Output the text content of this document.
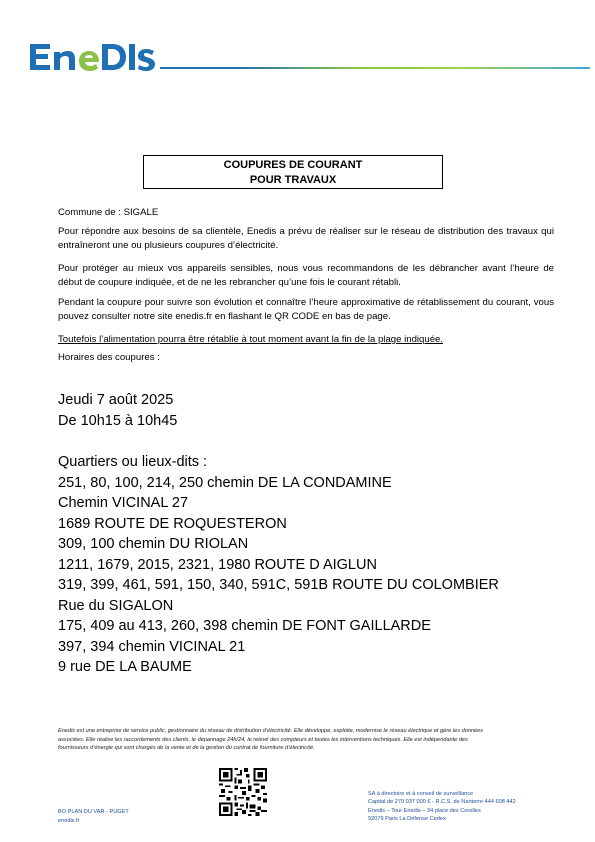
COUPURES DE COURANT
POUR TRAVAUX
Commune de : SIGALE
Pour répondre aux besoins de sa clientèle, Enedis a prévu de réaliser sur le réseau de distribution des travaux qui entraîneront une ou plusieurs coupures d’électricité.
Pour protéger au mieux vos appareils sensibles, nous vous recommandons de les débrancher avant l’heure de début de coupure indiquée, et de ne les rebrancher qu’une fois le courant rétabli.
Pendant la coupure pour suivre son évolution et connaître l’heure approximative de rétablissement du courant, vous pouvez consulter notre site enedis.fr en flashant le QR CODE en bas de page.
Toutefois l’alimentation pourra être rétablie à tout moment avant la fin de la plage indiquée.
Horaires des coupures :
Jeudi 7 août 2025
De 10h15 à 10h45
Quartiers ou lieux-dits :
251, 80, 100, 214, 250 chemin DE LA CONDAMINE
Chemin VICINAL 27
1689 ROUTE DE ROQUESTERON
309, 100 chemin DU RIOLAN
1211, 1679, 2015, 2321, 1980 ROUTE D AIGLUN
319, 399, 461, 591, 150, 340, 591C, 591B ROUTE DU COLOMBIER
Rue du SIGALON
175, 409 au 413, 260, 398 chemin DE FONT GAILLARDE
397, 394 chemin VICINAL 21
9 rue DE LA BAUME
Enedis est une entreprise de service public, gestionnaire du réseau de distribution d’électricité. Elle développe, exploite, modernise le réseau électrique et gère les données
associées. Elle réalise les raccordements des clients, le dépannage 24h/24, le relevé des compteurs et toutes les interventions techniques. Elle est indépendante des
fournisseurs d’énergie qui sont chargés de la vente et de la gestion du contrat de fourniture d’électricité.
BO PLAN DU VAR - PUGET
enedis.fr
SA à directoire et à conseil de surveillance
Capital de 270 037 000 € - R.C.S. de Nanterre 444 608 442
Enedis – Tour Enedis – 34 place des Corolles
92079 Paris La Défense Cedex
